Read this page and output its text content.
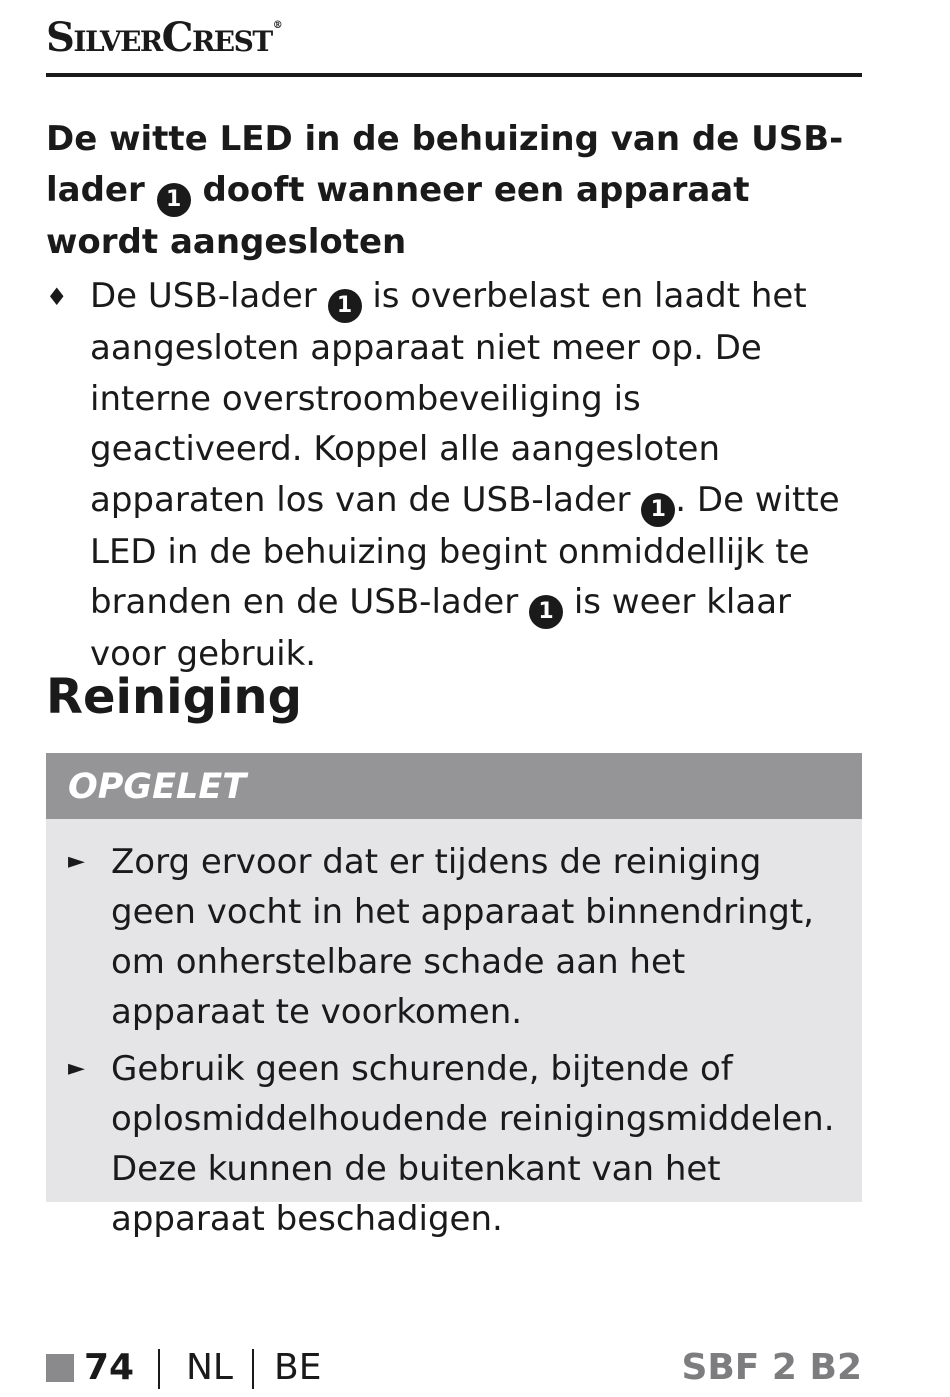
SilverCrest®
De witte LED in de behuizing van de USB-lader 1 dooft wanneer een apparaat wordt aangesloten
♦ De USB-lader 1 is overbelast en laadt het aangesloten apparaat niet meer op. De interne overstroombeveiliging is geactiveerd. Koppel alle aangesloten apparaten los van de USB-lader 1 . De witte LED in de behuizing begint onmiddellijk te branden en de USB-lader 1 is weer klaar voor gebruik.
Reiniging
OPGELET
► Zorg ervoor dat er tijdens de reiniging geen vocht in het apparaat binnendringt, om onherstelbare schade aan het apparaat te voorkomen.
► Gebruik geen schurende, bijtende of oplosmiddelhoudende reinigingsmiddelen. Deze kunnen de buitenkant van het apparaat beschadigen.
74 NL BE	SBF 2 B2
